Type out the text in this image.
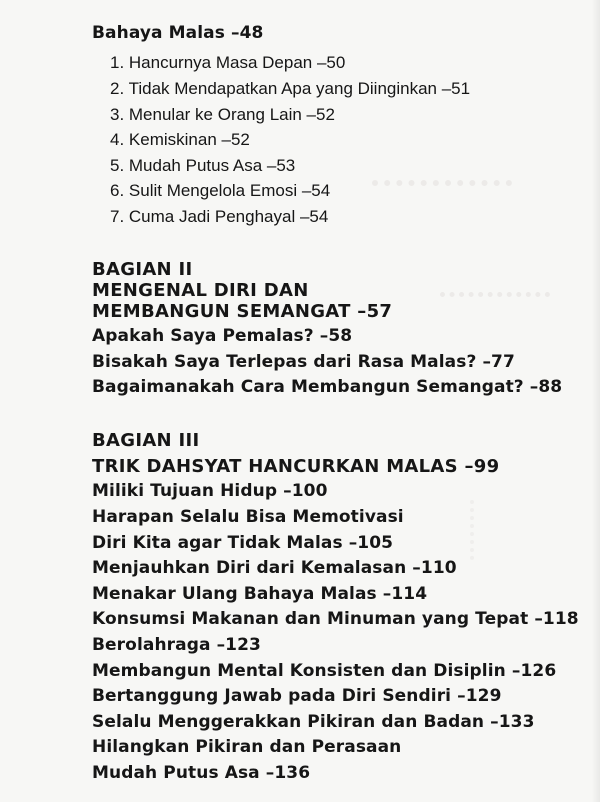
Bahaya Malas –48

1. Hancurnya Masa Depan –50

2. Tidak Mendapatkan Apa yang Diinginkan –51

3. Menular ke Orang Lain –52

4. Kemiskinan –52

5. Mudah Putus Asa –53

6. Sulit Mengelola Emosi –54

7. Cuma Jadi Penghayal –54

BAGIAN II

MENGENAL DIRI DAN

MEMBANGUN SEMANGAT –57

Apakah Saya Pemalas? –58

Bisakah Saya Terlepas dari Rasa Malas? –77

Bagaimanakah Cara Membangun Semangat? –88

BAGIAN III

TRIK DAHSYAT HANCURKAN MALAS –99

Miliki Tujuan Hidup –100

Harapan Selalu Bisa Memotivasi

Diri Kita agar Tidak Malas –105

Menjauhkan Diri dari Kemalasan –110

Menakar Ulang Bahaya Malas –114

Konsumsi Makanan dan Minuman yang Tepat –118

Berolahraga –123

Membangun Mental Konsisten dan Disiplin –126

Bertanggung Jawab pada Diri Sendiri –129

Selalu Menggerakkan Pikiran dan Badan –133

Hilangkan Pikiran dan Perasaan

Mudah Putus Asa –136
